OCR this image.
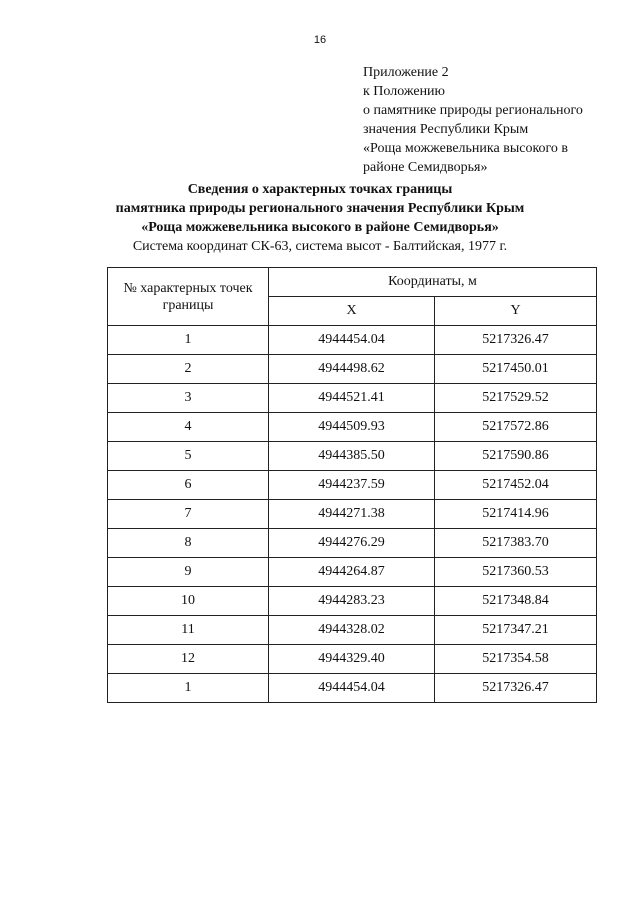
16
Приложение 2
к Положению
о памятнике природы регионального
значения Республики Крым
«Роща можжевельника высокого в
районе Семидворья»
Сведения о характерных точках границы
памятника природы регионального значения Республики Крым
«Роща можжевельника высокого в районе Семидворья»
Система координат СК-63, система высот - Балтийская, 1977 г.
№ характерных точек
границы	Координаты, м	
	X	Y
1	4944454.04	5217326.47
2	4944498.62	5217450.01
3	4944521.41	5217529.52
4	4944509.93	5217572.86
5	4944385.50	5217590.86
6	4944237.59	5217452.04
7	4944271.38	5217414.96
8	4944276.29	5217383.70
9	4944264.87	5217360.53
10	4944283.23	5217348.84
11	4944328.02	5217347.21
12	4944329.40	5217354.58
1	4944454.04	5217326.47
